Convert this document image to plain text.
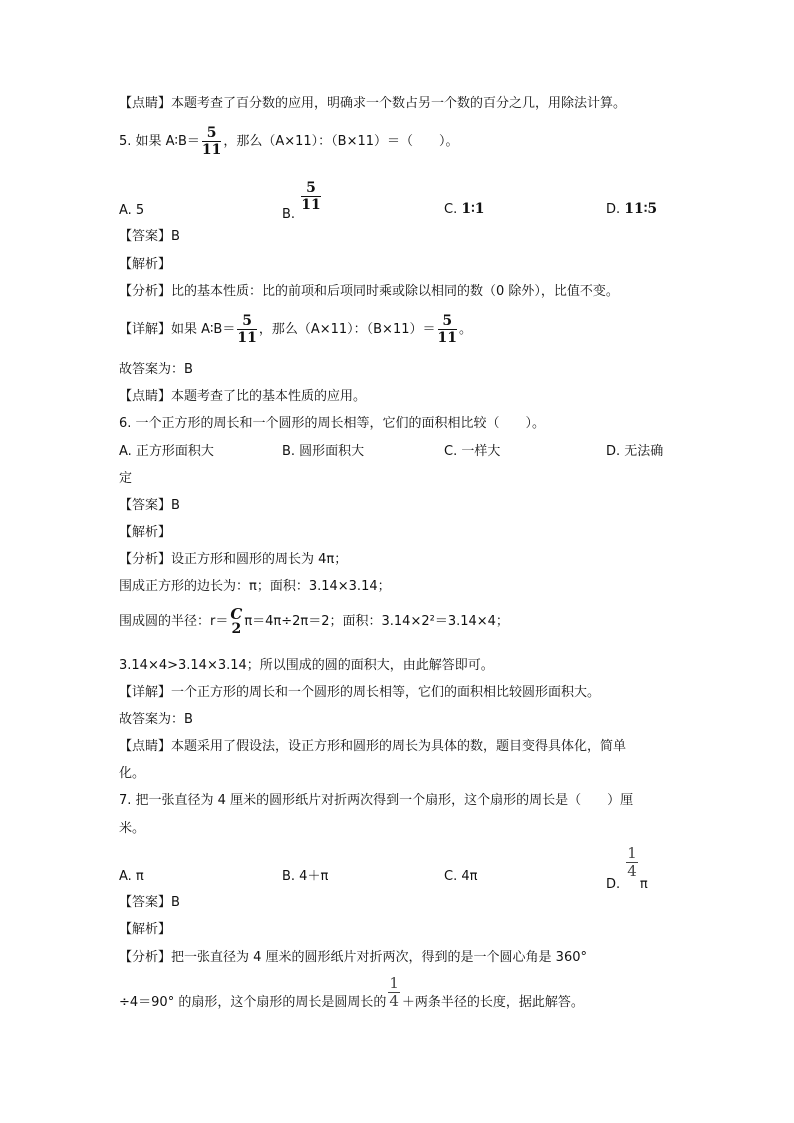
【点睛】本题考查了百分数的应用，明确求一个数占另一个数的百分之几，用除法计算。
5. 如果 A∶B＝ $\frac{5}{11}$ ，那么（A×11）：（B×11）＝（　　）。
A. 5	B.
$\frac{5}{11}$	C. 1∶1	D. 11∶5
【答案】B
【解析】
【分析】比的基本性质：比的前项和后项同时乘或除以相同的数（0 除外），比值不变。
【详解】如果 A∶B＝ $\frac{5}{11}$ ，那么（A×11）：$(B\times 11)= \frac{5}{11}$ 。
故答案为：B
【点睛】本题考查了比的基本性质的应用。
6. 一个正方形的周长和一个圆形的周长相等，它们的面积相比较（　　）。
A. 正方形面积大	B. 圆形面积大	C. 一样大	D. 无法确
定
【答案】B
【解析】
【分析】设正方形和圆形的周长为 4π；
围成正方形的边长为：π；面积：3.14×3.14；
围成圆的半径：r＝ C
2 π＝4π÷2π＝2；面积：3.14×2²＝3.14×4；
3.14×4>3.14×3.14；所以围成的圆的面积大，由此解答即可。
【详解】一个正方形的周长和一个圆形的周长相等，它们的面积相比较圆形面积大。
故答案为：B
【点睛】本题采用了假设法，设正方形和圆形的周长为具体的数，题目变得具体化，简单
化。
7. 把一张直径为 4 厘米的圆形纸片对折两次得到一个扇形，这个扇形的周长是（　　）厘
米。
A. π	B. 4＋π	C. 4π
D.
$\frac{1}{4}$
π
【答案】B
【解析】
【分析】把一张直径为 4 厘米的圆形纸片对折两次，得到的是一个圆心角是 360°
÷4＝90° 的扇形，这个扇形的周长是圆周长的 $\frac{1}{4}$ ＋两条半径的长度，据此解答。
